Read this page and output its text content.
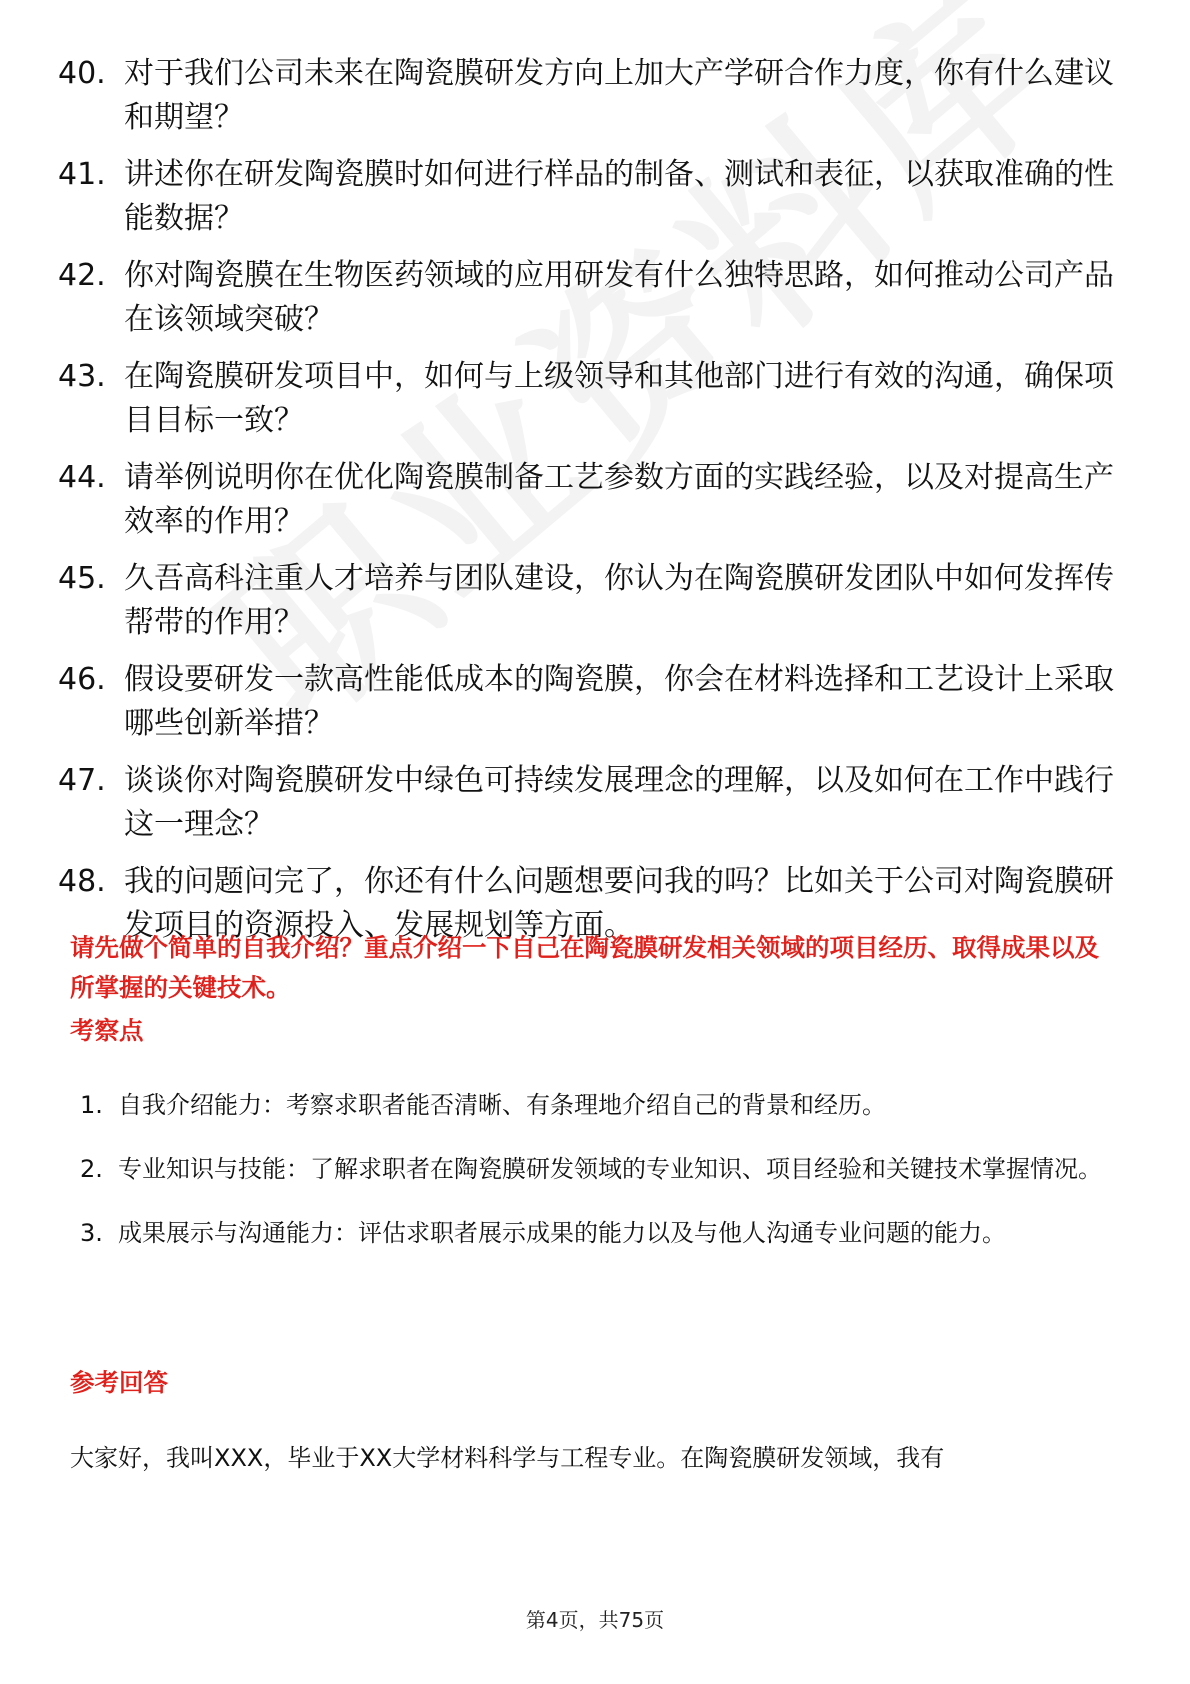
40. 对于我们公司未来在陶瓷膜研发方向上加大产学研合作力度，你有什么建议和期望？
41. 讲述你在研发陶瓷膜时如何进行样品的制备、测试和表征，以获取准确的性能数据？
42. 你对陶瓷膜在生物医药领域的应用研发有什么独特思路，如何推动公司产品在该领域突破？
43. 在陶瓷膜研发项目中，如何与上级领导和其他部门进行有效的沟通，确保项目目标一致？
44. 请举例说明你在优化陶瓷膜制备工艺参数方面的实践经验，以及对提高生产效率的作用？
45. 久吾高科注重人才培养与团队建设，你认为在陶瓷膜研发团队中如何发挥传帮带的作用？
46. 假设要研发一款高性能低成本的陶瓷膜，你会在材料选择和工艺设计上采取哪些创新举措？
47. 谈谈你对陶瓷膜研发中绿色可持续发展理念的理解，以及如何在工作中践行这一理念？
48. 我的问题问完了，你还有什么问题想要问我的吗？比如关于公司对陶瓷膜研发项目的资源投入、发展规划等方面。
请先做个简单的自我介绍？重点介绍一下自己在陶瓷膜研发相关领域的项目经历、取得成果以及所掌握的关键技术。
考察点
1. 自我介绍能力：考察求职者能否清晰、有条理地介绍自己的背景和经历。
2. 专业知识与技能：了解求职者在陶瓷膜研发领域的专业知识、项目经验和关键技术掌握情况。
3. 成果展示与沟通能力：评估求职者展示成果的能力以及与他人沟通专业问题的能力。
参考回答
大家好，我叫XXX，毕业于XX大学材料科学与工程专业。在陶瓷膜研发领域，我有
第4页，共75页
